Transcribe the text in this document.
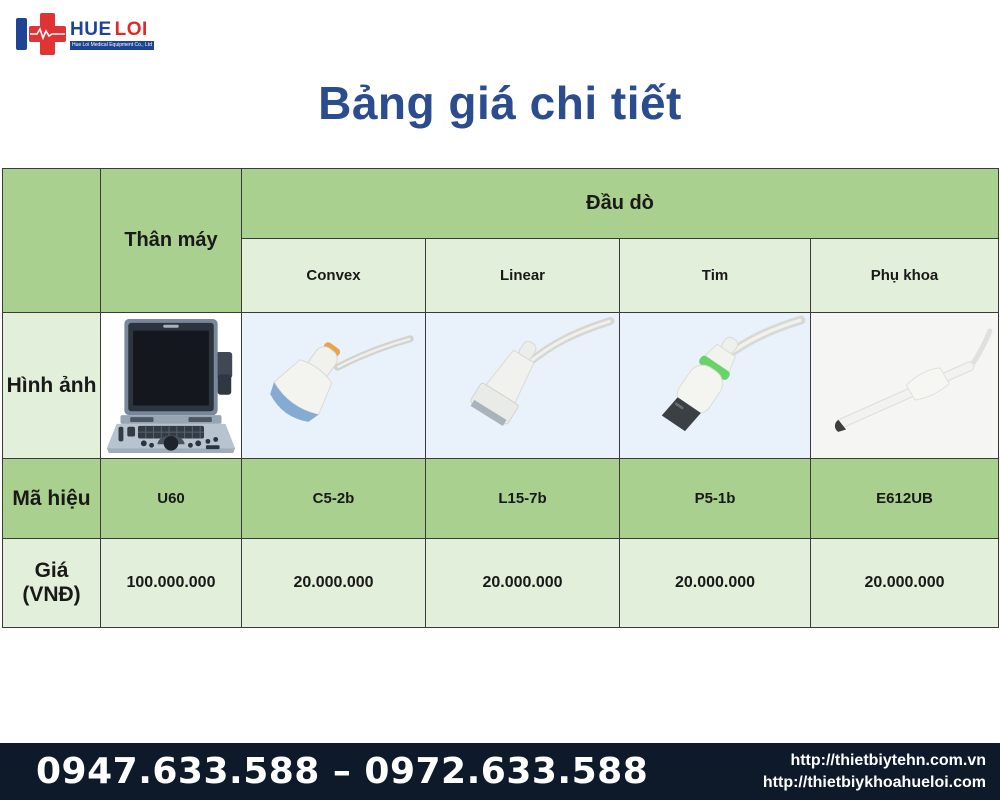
HUE LOI
Hue Loi Medical Equipment Co., Ltd
Bảng giá chi tiết
	Thân máy	Đầu dò			
		Convex	Linear	Tim	Phụ khoa
Hình ảnh	

Mã hiệu	U60	C5-2b	L15-7b	P5-1b	E612UB
Giá (VNĐ)	100.000.000	20.000.000	20.000.000	20.000.000	20.000.000
0947.633.588 – 0972.633.588	http://thietbiytehn.com.vn
http://thietbiykhoahueloi.com
